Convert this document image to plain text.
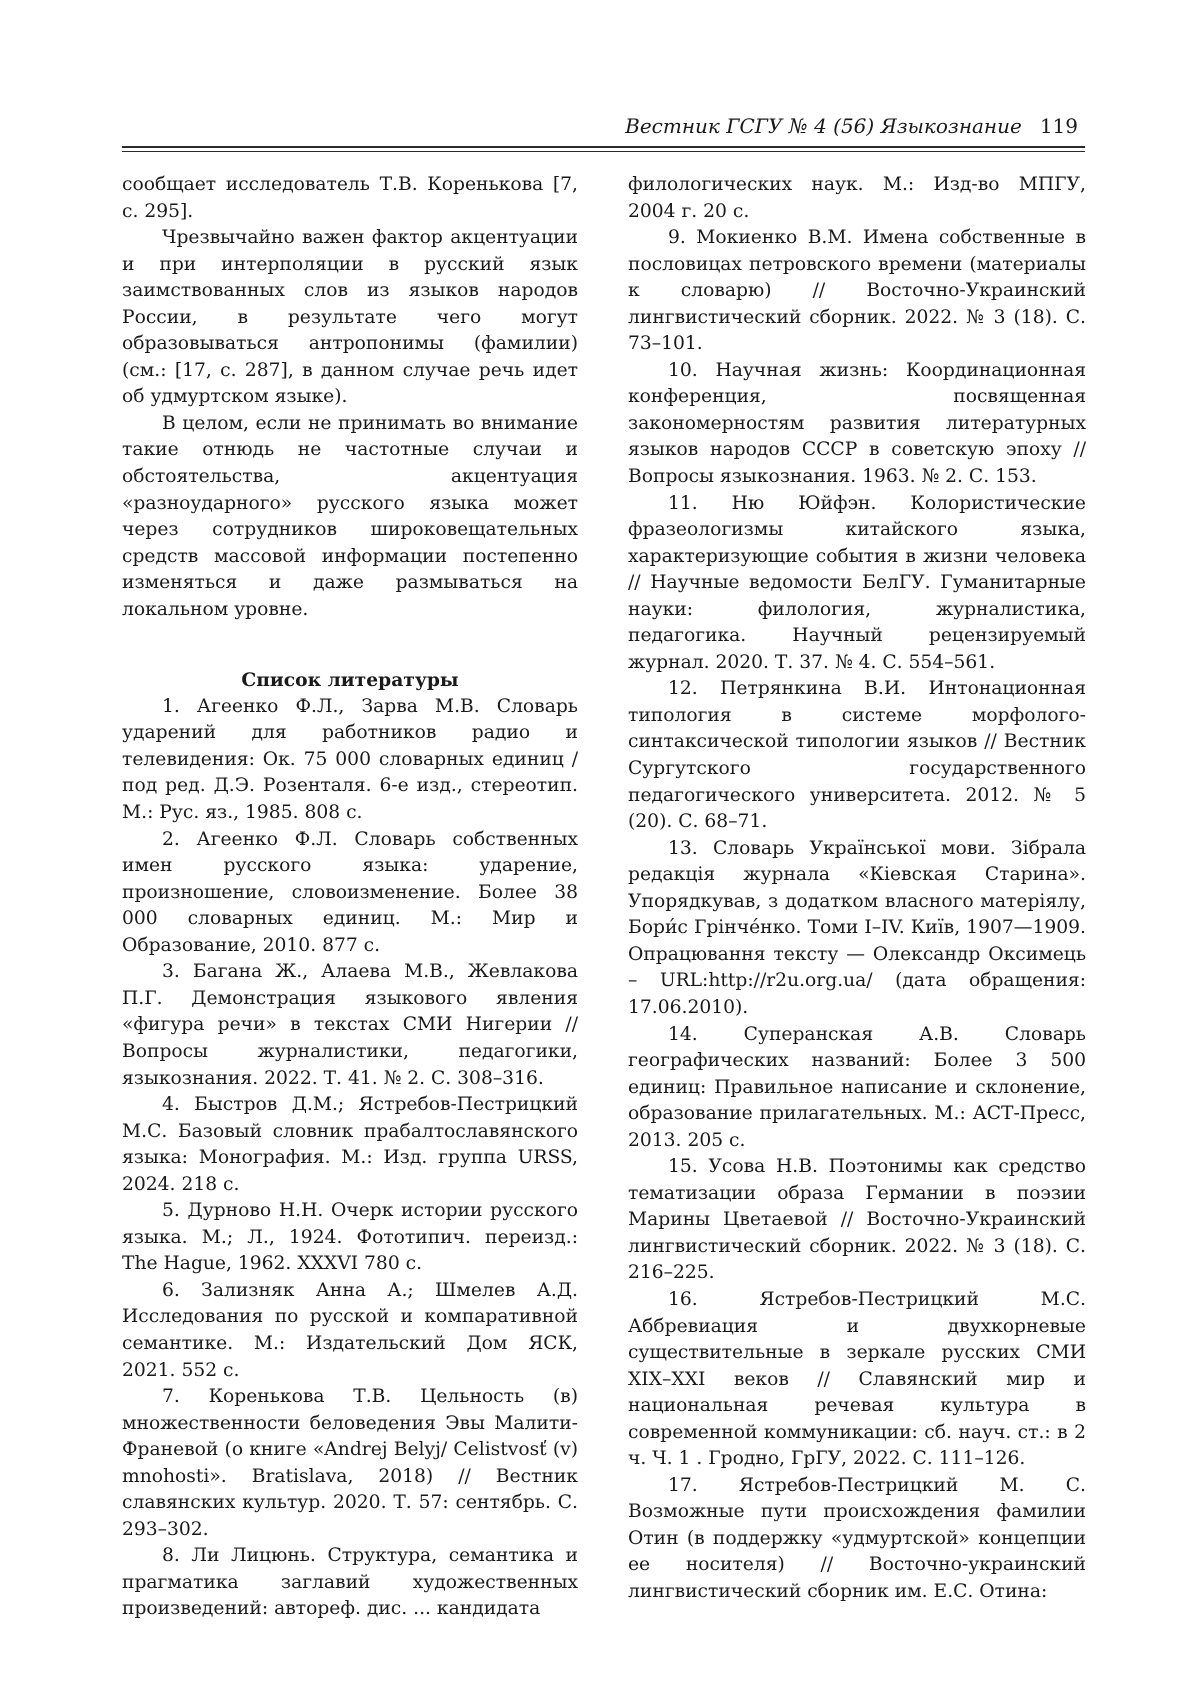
Вестник ГСГУ № 4 (56) Языкознание 119

сообщает исследователь Т.В. Коренькова [7, с. 295].

Чрезвычайно важен фактор акцентуации и при интерполяции в русский язык заимствованных слов из языков народов России, в результате чего могут образовываться антропонимы (фамилии) (см.: [17, с. 287], в данном случае речь идет об удмуртском языке).

В целом, если не принимать во внимание такие отнюдь не частотные случаи и обстоятельства, акцентуация «разноударного» русского языка может через сотрудников широковещательных средств массовой информации постепенно изменяться и даже размываться на локальном уровне.

Список литературы

1. Агеенко Ф.Л., Зарва М.В. Словарь ударений для работников радио и телевидения: Ок. 75 000 словарных единиц / под ред. Д.Э. Розенталя. 6-е изд., стереотип. М.: Рус. яз., 1985. 808 с.

2. Агеенко Ф.Л. Словарь собственных имен русского языка: ударение, произношение, словоизменение. Более 38 000 словарных единиц. М.: Мир и Образование, 2010. 877 с.

3. Багана Ж., Алаева М.В., Жевлакова П.Г. Демонстрация языкового явления «фигура речи» в текстах СМИ Нигерии // Вопросы журналистики, педагогики, языкознания. 2022. Т. 41. № 2. С. 308–316.

4. Быстров Д.М.; Ястребов-Пестрицкий М.С. Базовый словник прабалтославянского языка: Монография. М.: Изд. группа URSS, 2024. 218 с.

5. Дурново Н.Н. Очерк истории русского языка. М.; Л., 1924. Фототипич. переизд.: The Hague, 1962. XXXVI 780 с.

6. Зализняк Анна А.; Шмелев А.Д. Исследования по русской и компаративной семантике. М.: Издательский Дом ЯСК, 2021. 552 с.

7. Коренькова Т.В. Цельность (в) множественности беловедения Эвы Малити-Франевой (о книге «Andrej Belyj/ Celistvosť (v) mnohosti». Bratislava, 2018) // Вестник славянских культур. 2020. Т. 57: сентябрь. С. 293–302.

8. Ли Лицюнь. Структура, семантика и прагматика заглавий художественных произведений: автореф. дис. ... кандидата

филологических наук. М.: Изд-во МПГУ, 2004 г. 20 с.

9. Мокиенко В.М. Имена собственные в пословицах петровского времени (материалы к словарю) // Восточно-Украинский лингвистический сборник. 2022. № 3 (18). С. 73–101.

10. Научная жизнь: Координационная конференция, посвященная закономерностям развития литературных языков народов СССР в советскую эпоху // Вопросы языкознания. 1963. № 2. С. 153.

11. Ню Юйфэн. Колористические фразеологизмы китайского языка, характеризующие события в жизни человека // Научные ведомости БелГУ. Гуманитарные науки: филология, журналистика, педагогика. Научный рецензируемый журнал. 2020. Т. 37. № 4. С. 554–561.

12. Петрянкина В.И. Интонационная типология в системе морфолого-синтаксической типологии языков // Вестник Сургутского государственного педагогического университета. 2012. № 5 (20). С. 68–71.

13. Словарь Української мови. Зібрала редакція журнала «Кіевская Старина». Упорядкував, з додатком власного матеріялу, Бори́с Грінче́нко. Томи I–IV. Київ, 1907—1909. Опрацювання тексту — Олександр Оксимець – URL:http://r2u.org.ua/ (дата обращения: 17.06.2010).

14. Суперанская А.В. Словарь географических названий: Более 3 500 единиц: Правильное написание и склонение, образование прилагательных. М.: АСТ-Пресс, 2013. 205 с.

15. Усова Н.В. Поэтонимы как средство тематизации образа Германии в поэзии Марины Цветаевой // Восточно-Украинский лингвистический сборник. 2022. № 3 (18). С. 216–225.

16. Ястребов-Пестрицкий М.С. Аббревиация и двухкорневые существительные в зеркале русских СМИ XIX–XXI веков // Славянский мир и национальная речевая культура в современной коммуникации: сб. науч. ст.: в 2 ч. Ч. 1 . Гродно, ГрГУ, 2022. С. 111–126.

17. Ястребов-Пестрицкий М. С. Возможные пути происхождения фамилии Отин (в поддержку «удмуртской» концепции ее носителя) // Восточно-украинский лингвистический сборник им. Е.С. Отина:
